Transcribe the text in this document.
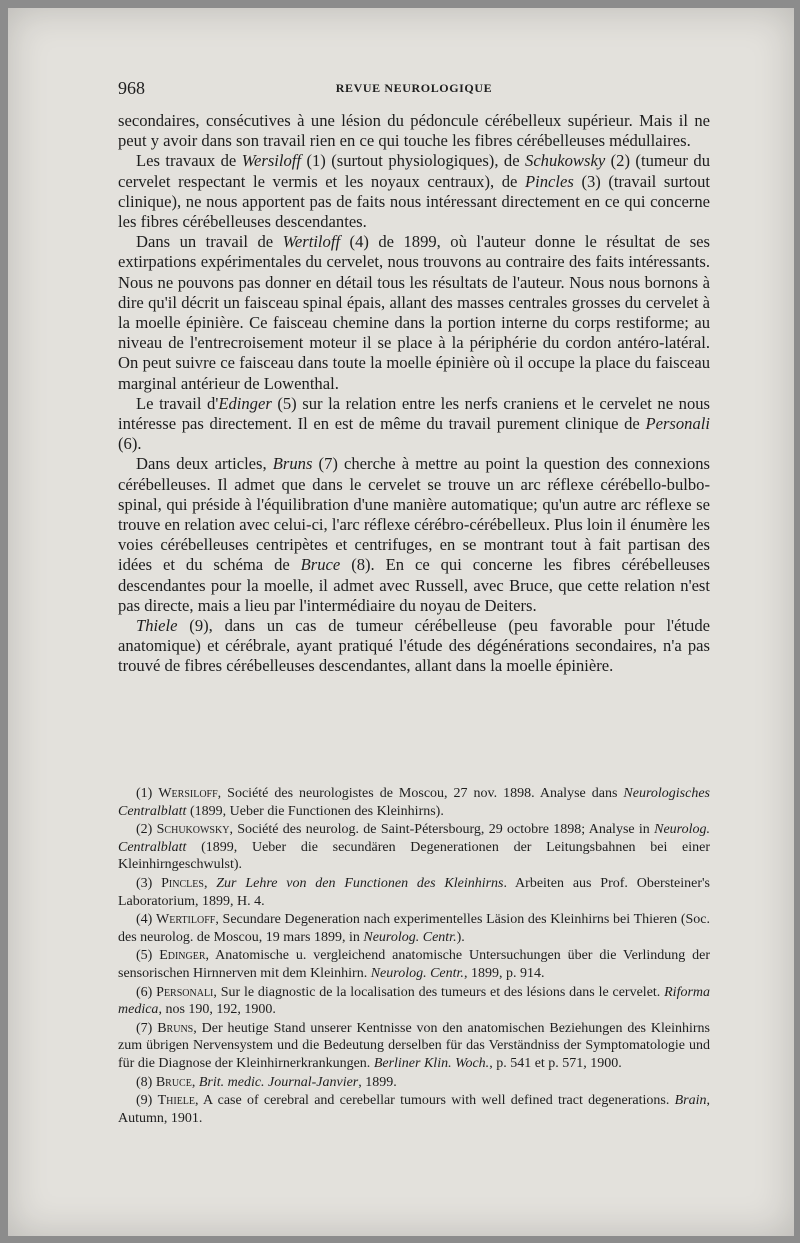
968	REVUE NEUROLOGIQUE

secondaires, consécutives à une lésion du pédoncule cérébelleux supérieur. Mais il ne peut y avoir dans son travail rien en ce qui touche les fibres cérébelleuses médullaires.

Les travaux de Wersiloff (1) (surtout physiologiques), de Schukowsky (2) (tumeur du cervelet respectant le vermis et les noyaux centraux), de Pincles (3) (travail surtout clinique), ne nous apportent pas de faits nous intéressant directement en ce qui concerne les fibres cérébelleuses descendantes.

Dans un travail de Wertiloff (4) de 1899, où l'auteur donne le résultat de ses extirpations expérimentales du cervelet, nous trouvons au contraire des faits intéressants. Nous ne pouvons pas donner en détail tous les résultats de l'auteur. Nous nous bornons à dire qu'il décrit un faisceau spinal épais, allant des masses centrales grosses du cervelet à la moelle épinière. Ce faisceau chemine dans la portion interne du corps restiforme; au niveau de l'entrecroisement moteur il se place à la périphérie du cordon antéro-latéral. On peut suivre ce faisceau dans toute la moelle épinière où il occupe la place du faisceau marginal antérieur de Lowenthal.

Le travail d'Edinger (5) sur la relation entre les nerfs craniens et le cervelet ne nous intéresse pas directement. Il en est de même du travail purement clinique de Personali (6).

Dans deux articles, Bruns (7) cherche à mettre au point la question des connexions cérébelleuses. Il admet que dans le cervelet se trouve un arc réflexe cérébello-bulbo-spinal, qui préside à l'équilibration d'une manière automatique; qu'un autre arc réflexe se trouve en relation avec celui-ci, l'arc réflexe cérébro-cérébelleux. Plus loin il énumère les voies cérébelleuses centripètes et centrifuges, en se montrant tout à fait partisan des idées et du schéma de Bruce (8). En ce qui concerne les fibres cérébelleuses descendantes pour la moelle, il admet avec Russell, avec Bruce, que cette relation n'est pas directe, mais a lieu par l'intermédiaire du noyau de Deiters.

Thiele (9), dans un cas de tumeur cérébelleuse (peu favorable pour l'étude anatomique) et cérébrale, ayant pratiqué l'étude des dégénérations secondaires, n'a pas trouvé de fibres cérébelleuses descendantes, allant dans la moelle épinière.

(1) Wersiloff, Société des neurologistes de Moscou, 27 nov. 1898. Analyse dans Neurologisches Centralblatt (1899, Ueber die Functionen des Kleinhirns).

(2) Schukowsky, Société des neurolog. de Saint-Pétersbourg, 29 octobre 1898; Analyse in Neurolog. Centralblatt (1899, Ueber die secundären Degenerationen der Leitungsbahnen bei einer Kleinhirngeschwulst).

(3) Pincles, Zur Lehre von den Functionen des Kleinhirns. Arbeiten aus Prof. Obersteiner's Laboratorium, 1899, H. 4.

(4) Wertiloff, Secundare Degeneration nach experimentelles Läsion des Kleinhirns bei Thieren (Soc. des neurolog. de Moscou, 19 mars 1899, in Neurolog. Centr.).

(5) Edinger, Anatomische u. vergleichend anatomische Untersuchungen über die Verlindung der sensorischen Hirnnerven mit dem Kleinhirn. Neurolog. Centr., 1899, p. 914.

(6) Personali, Sur le diagnostic de la localisation des tumeurs et des lésions dans le cervelet. Riforma medica, nos 190, 192, 1900.

(7) Bruns, Der heutige Stand unserer Kentnisse von den anatomischen Beziehungen des Kleinhirns zum übrigen Nervensystem und die Bedeutung derselben für das Verständniss der Symptomatologie und für die Diagnose der Kleinhirnerkrankungen. Berliner Klin. Woch., p. 541 et p. 571, 1900.

(8) Bruce, Brit. medic. Journal-Janvier, 1899.

(9) Thiele, A case of cerebral and cerebellar tumours with well defined tract degenerations. Brain, Autumn, 1901.
